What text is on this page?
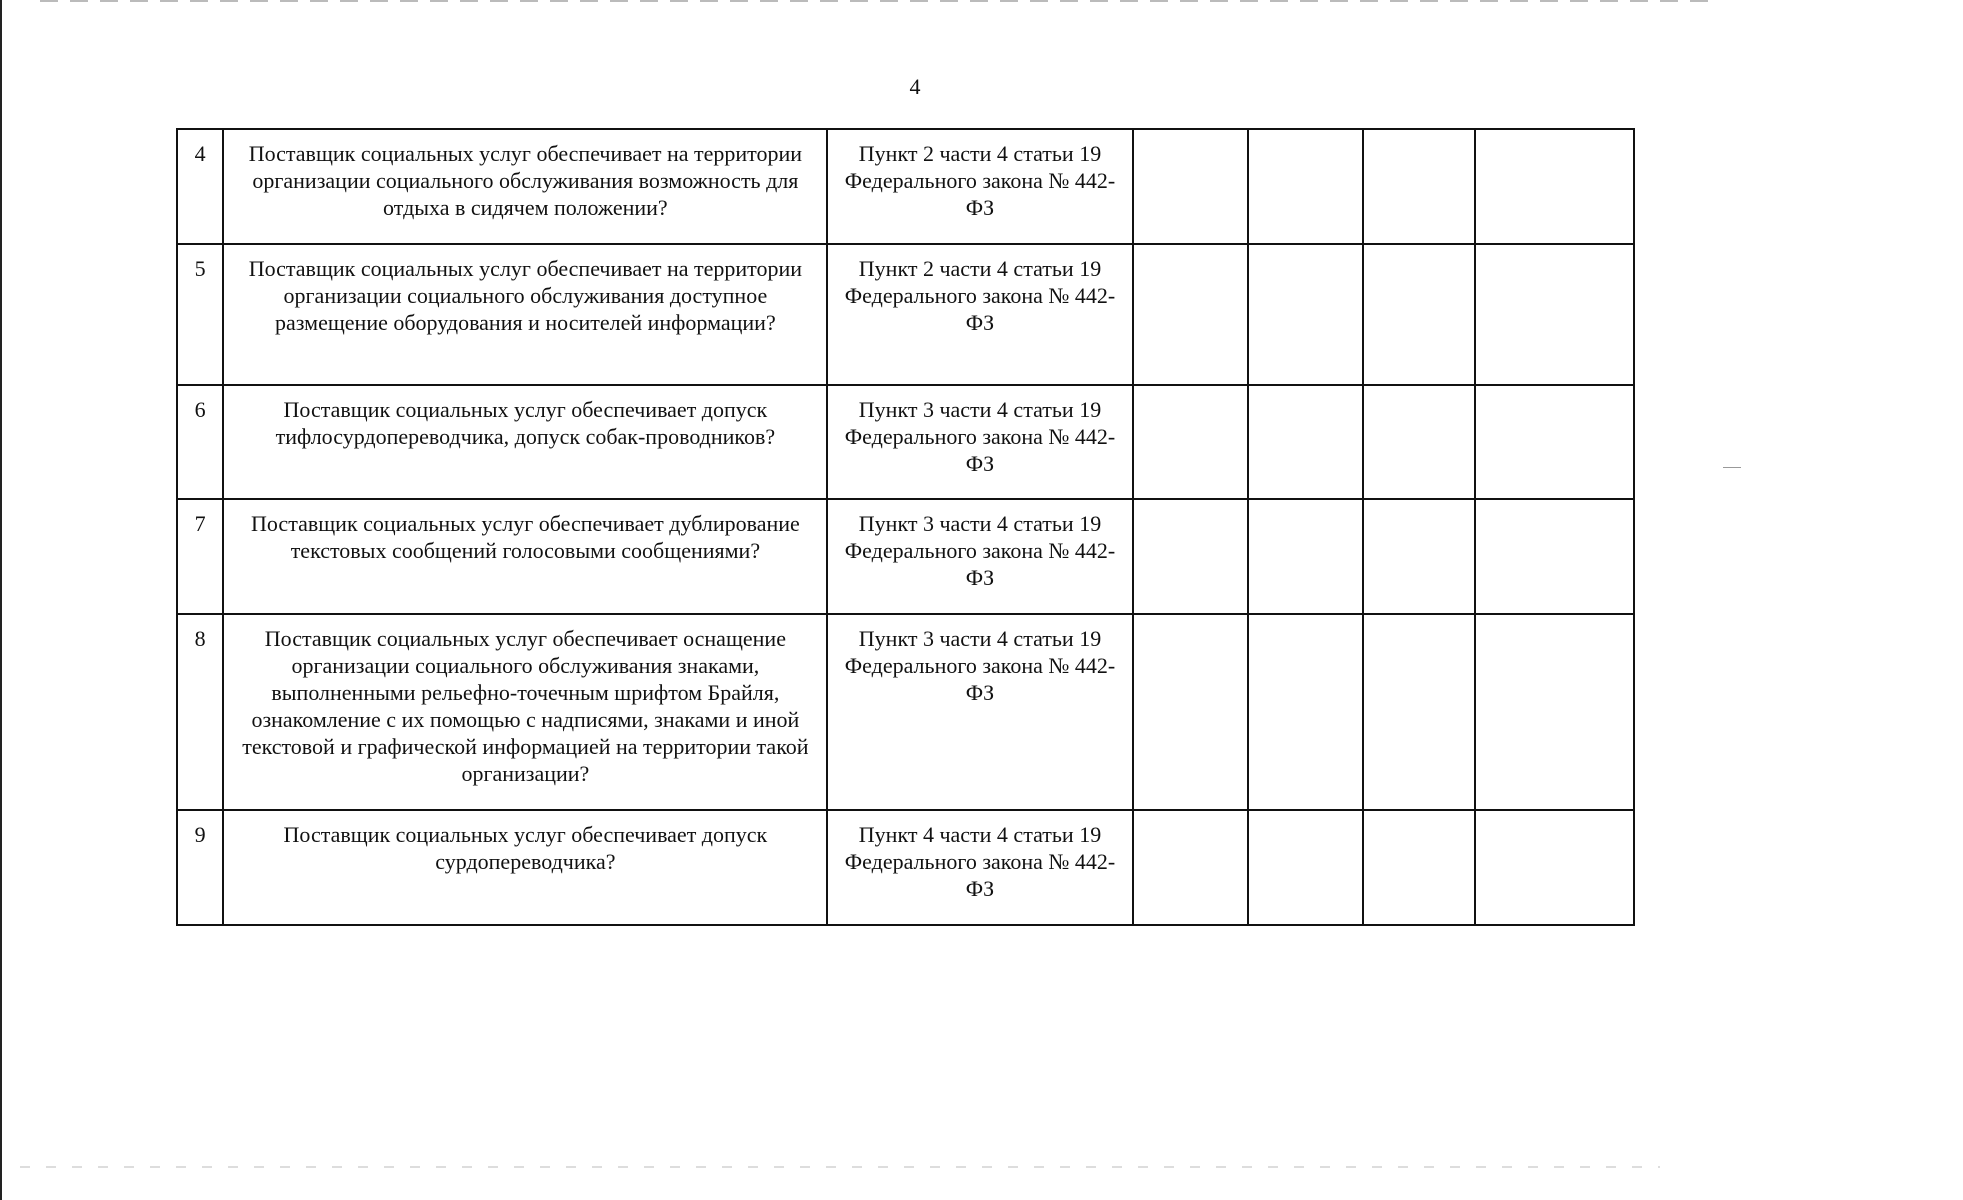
4
4	Поставщик социальных услуг обеспечивает на территории организации социального обслуживания возможность для отдыха в сидячем положении?	Пункт 2 части 4 статьи 19 Федерального закона № 442-ФЗ				
5	Поставщик социальных услуг обеспечивает на территории организации социального обслуживания доступное размещение оборудования и носителей информации?	Пункт 2 части 4 статьи 19 Федерального закона № 442-ФЗ				
6	Поставщик социальных услуг обеспечивает допуск тифлосурдопереводчика, допуск собак-проводников?	Пункт 3 части 4 статьи 19 Федерального закона № 442-ФЗ				
7	Поставщик социальных услуг обеспечивает дублирование текстовых сообщений голосовыми сообщениями?	Пункт 3 части 4 статьи 19 Федерального закона № 442-ФЗ				
8	Поставщик социальных услуг обеспечивает оснащение организации социального обслуживания знаками, выполненными рельефно-точечным шрифтом Брайля, ознакомление с их помощью с надписями, знаками и иной текстовой и графической информацией на территории такой организации?	Пункт 3 части 4 статьи 19 Федерального закона № 442-ФЗ				
9	Поставщик социальных услуг обеспечивает допуск сурдопереводчика?	Пункт 4 части 4 статьи 19 Федерального закона № 442-ФЗ				
